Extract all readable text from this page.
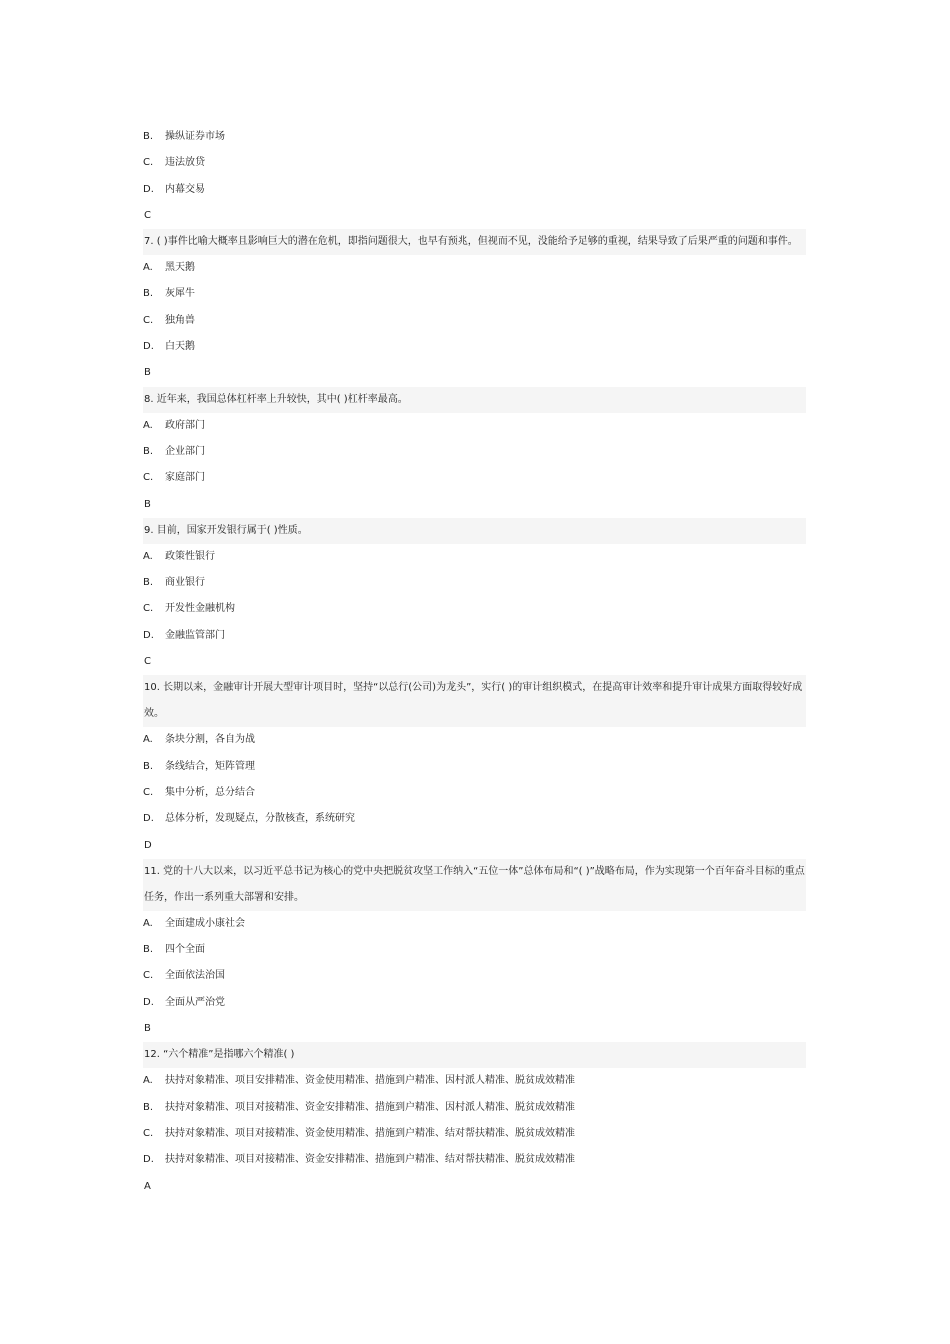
B. 操纵证券市场
C. 违法放贷
D. 内幕交易
C
7. ( )事件比喻大概率且影响巨大的潜在危机，即指问题很大，也早有预兆，但视而不见，没能给予足够的重视，结果导致了后果严重的问题和事件。
A. 黑天鹅
B. 灰犀牛
C. 独角兽
D. 白天鹅
B
8. 近年来，我国总体杠杆率上升较快，其中( )杠杆率最高。
A. 政府部门
B. 企业部门
C. 家庭部门
B
9. 目前，国家开发银行属于( )性质。
A. 政策性银行
B. 商业银行
C. 开发性金融机构
D. 金融监管部门
C
10. 长期以来，金融审计开展大型审计项目时，坚持“以总行(公司)为龙头”，实行( )的审计组织模式，在提高审计效率和提升审计成果方面取得较好成效。
A. 条块分割，各自为战
B. 条线结合，矩阵管理
C. 集中分析，总分结合
D. 总体分析，发现疑点，分散核查，系统研究
D
11. 党的十八大以来，以习近平总书记为核心的党中央把脱贫攻坚工作纳入“五位一体”总体布局和“( )”战略布局，作为实现第一个百年奋斗目标的重点任务，作出一系列重大部署和安排。
A. 全面建成小康社会
B. 四个全面
C. 全面依法治国
D. 全面从严治党
B
12. “六个精准”是指哪六个精准( )
A. 扶持对象精准、项目安排精准、资金使用精准、措施到户精准、因村派人精准、脱贫成效精准
B. 扶持对象精准、项目对接精准、资金安排精准、措施到户精准、因村派人精准、脱贫成效精准
C. 扶持对象精准、项目对接精准、资金使用精准、措施到户精准、结对帮扶精准、脱贫成效精准
D. 扶持对象精准、项目对接精准、资金安排精准、措施到户精准、结对帮扶精准、脱贫成效精准
A
